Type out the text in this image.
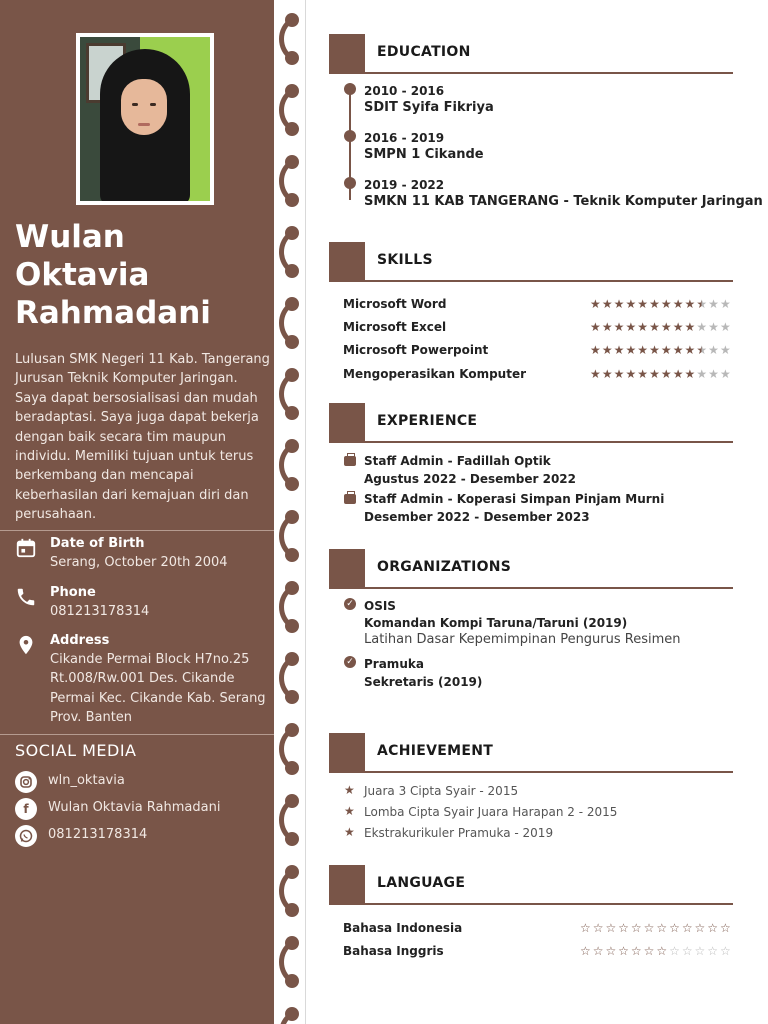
Wulan Oktavia Rahmadani
Lulusan SMK Negeri 11 Kab. Tangerang Jurusan Teknik Komputer Jaringan. Saya dapat bersosialisasi dan mudah beradaptasi. Saya juga dapat bekerja dengan baik secara tim maupun individu. Memiliki tujuan untuk terus berkembang dan mencapai keberhasilan dari kemajuan diri dan perusahaan.
Date of Birth
Serang, October 20th 2004
Phone
081213178314
Address
Cikande Permai Block H7no.25 Rt.008/Rw.001 Des. Cikande Permai Kec. Cikande Kab. Serang Prov. Banten
SOCIAL MEDIA
wln_oktavia
f	Wulan Oktavia Rahmadani
081213178314
EDUCATION
2010 - 2016
SDIT Syifa Fikriya
2016 - 2019
SMPN 1 Cikande
2019 - 2022
SMKN 11 KAB TANGERANG - Teknik Komputer Jaringan
SKILLS
Microsoft Word	★ ★ ★ ★ ★ ★ ★ ★ ★ ★ ★ ★
Microsoft Excel	★ ★ ★ ★ ★ ★ ★ ★ ★ ★ ★ ★
Microsoft Powerpoint	★ ★ ★ ★ ★ ★ ★ ★ ★ ★ ★ ★
Mengoperasikan Komputer	★ ★ ★ ★ ★ ★ ★ ★ ★ ★ ★ ★
EXPERIENCE
Staff Admin - Fadillah Optik
Agustus 2022 - Desember 2022
Staff Admin - Koperasi Simpan Pinjam Murni
Desember 2022 - Desember 2023
ORGANIZATIONS
✓ OSIS
Komandan Kompi Taruna/Taruni (2019)
Latihan Dasar Kepemimpinan Pengurus Resimen
✓ Pramuka
Sekretaris (2019)
ACHIEVEMENT
★ Juara 3 Cipta Syair - 2015
★ Lomba Cipta Syair Juara Harapan 2 - 2015
★ Ekstrakurikuler Pramuka - 2019
LANGUAGE
Bahasa Indonesia	☆ ☆ ☆ ☆ ☆ ☆ ☆ ☆ ☆ ☆ ☆ ☆
Bahasa Inggris	☆ ☆ ☆ ☆ ☆ ☆ ☆ ☆ ☆ ☆ ☆ ☆
